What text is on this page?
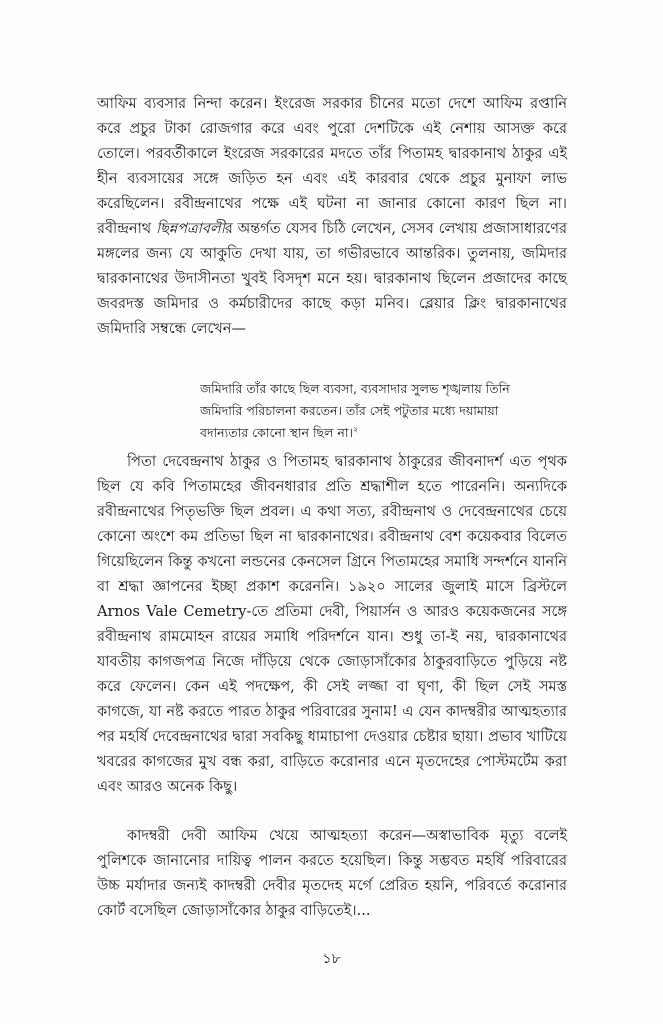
আফিম ব্যবসার নিন্দা করেন। ইংরেজ সরকার চীনের মতো দেশে আফিম রপ্তানি করে প্রচুর টাকা রোজগার করে এবং পুরো দেশটিকে এই নেশায় আসক্ত করে তোলে। পরবর্তীকালে ইংরেজ সরকারের মদতে তাঁর পিতামহ দ্বারকানাথ ঠাকুর এই হীন ব্যবসায়ের সঙ্গে জড়িত হন এবং এই কারবার থেকে প্রচুর মুনাফা লাভ করেছিলেন। রবীন্দ্রনাথের পক্ষে এই ঘটনা না জানার কোনো কারণ ছিল না। রবীন্দ্রনাথ ছিন্নপত্রাবলীর অন্তর্গত যেসব চিঠি লেখেন, সেসব লেখায় প্রজাসাধারণের মঙ্গলের জন্য যে আকুতি দেখা যায়, তা গভীরভাবে আন্তরিক। তুলনায়, জমিদার দ্বারকানাথের উদাসীনতা খুবই বিসদৃশ মনে হয়। দ্বারকানাথ ছিলেন প্রজাদের কাছে জবরদস্ত জমিদার ও কর্মচারীদের কাছে কড়া মনিব। ব্লেয়ার ক্লিং দ্বারকানাথের জমিদারি সম্বন্ধে লেখেন—

জমিদারি তাঁর কাছে ছিল ব্যবসা, ব্যবসাদার সুলভ শৃঙ্খলায় তিনি জমিদারি পরিচালনা করতেন। তাঁর সেই পটুতার মধ্যে দয়ামায়া বদান্যতার কোনো স্থান ছিল না।$^২$

পিতা দেবেন্দ্রনাথ ঠাকুর ও পিতামহ দ্বারকানাথ ঠাকুরের জীবনাদর্শ এত পৃথক ছিল যে কবি পিতামহের জীবনধারার প্রতি শ্রদ্ধাশীল হতে পারেননি। অন্যদিকে রবীন্দ্রনাথের পিতৃভক্তি ছিল প্রবল। এ কথা সত্য, রবীন্দ্রনাথ ও দেবেন্দ্রনাথের চেয়ে কোনো অংশে কম প্রতিভা ছিল না দ্বারকানাথের। রবীন্দ্রনাথ বেশ কয়েকবার বিলেত গিয়েছিলেন কিন্তু কখনো লন্ডনের কেনসেল গ্রিনে পিতামহের সমাধি সন্দর্শনে যাননি বা শ্রদ্ধা জ্ঞাপনের ইচ্ছা প্রকাশ করেননি। ১৯২০ সালের জুলাই মাসে ব্রিস্টলে Arnos Vale Cemetry-তে প্রতিমা দেবী, পিয়ার্সন ও আরও কয়েকজনের সঙ্গে রবীন্দ্রনাথ রামমোহন রায়ের সমাধি পরিদর্শনে যান। শুধু তা-ই নয়, দ্বারকানাথের যাবতীয় কাগজপত্র নিজে দাঁড়িয়ে থেকে জোড়াসাঁকোর ঠাকুরবাড়িতে পুড়িয়ে নষ্ট করে ফেলেন। কেন এই পদক্ষেপ, কী সেই লজ্জা বা ঘৃণা, কী ছিল সেই সমস্ত কাগজে, যা নষ্ট করতে পারত ঠাকুর পরিবারের সুনাম! এ যেন কাদম্বরীর আত্মহত্যার পর মহর্ষি দেবেন্দ্রনাথের দ্বারা সবকিছু ধামাচাপা দেওয়ার চেষ্টার ছায়া। প্রভাব খাটিয়ে খবরের কাগজের মুখ বন্ধ করা, বাড়িতে করোনার এনে মৃতদেহের পোস্টমর্টেম করা এবং আরও অনেক কিছু।

কাদম্বরী দেবী আফিম খেয়ে আত্মহত্যা করেন—অস্বাভাবিক মৃত্যু বলেই পুলিশকে জানানোর দায়িত্ব পালন করতে হয়েছিল। কিন্তু সম্ভবত মহর্ষি পরিবারের উচ্চ মর্যাদার জন্যই কাদম্বরী দেবীর মৃতদেহ মর্গে প্রেরিত হয়নি, পরিবর্তে করোনার কোর্ট বসেছিল জোড়াসাঁকোর ঠাকুর বাড়িতেই।...

১৮
